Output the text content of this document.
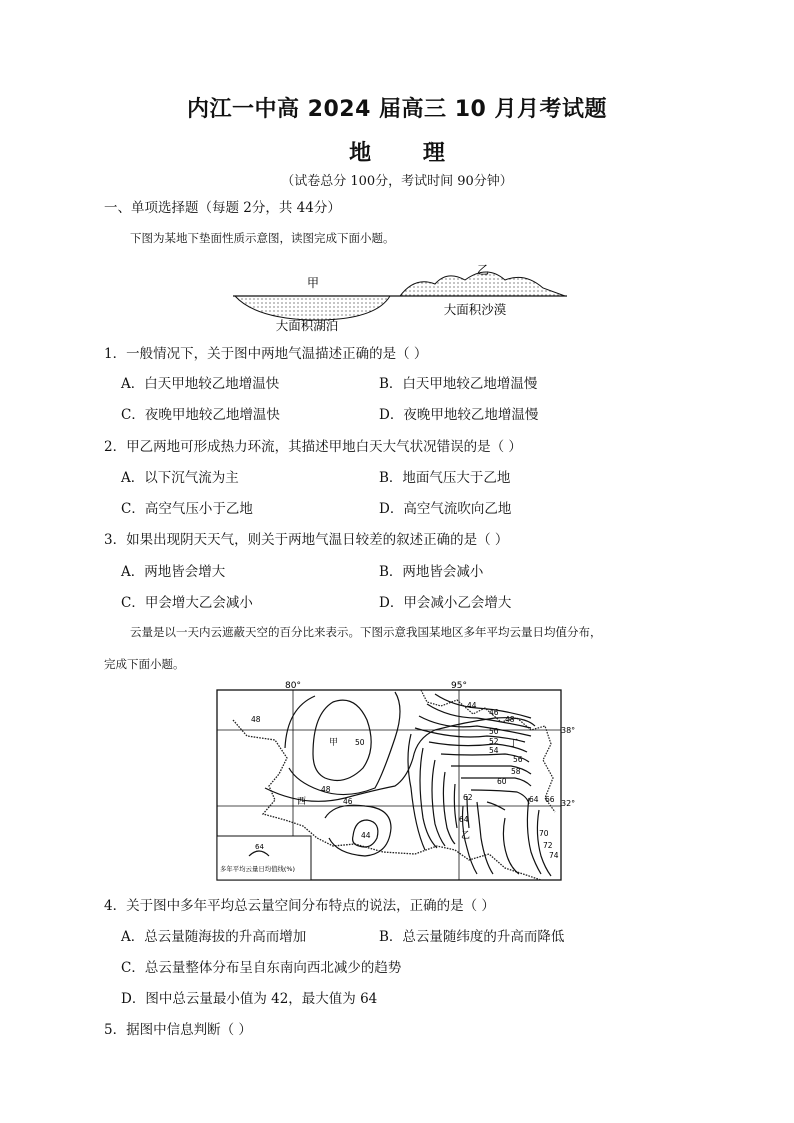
内江一中高 2024 届高三 10 月月考试题
地 理
（试卷总分 100分，考试时间 90分钟）
一、单项选择题（每题 2分，共 44分）
下图为某地下垫面性质示意图，读图完成下面小题。
甲
乙
大面积湖泊
大面积沙漠
1．一般情况下，关于图中两地气温描述正确的是（ ）
A．白天甲地较乙地增温快	B．白天甲地较乙地增温慢
C．夜晚甲地较乙地增温快	D．夜晚甲地较乙地增温慢
2．甲乙两地可形成热力环流，其描述甲地白天大气状况错误的是（ ）
A．以下沉气流为主	B．地面气压大于乙地
C．高空气压小于乙地	D．高空气流吹向乙地
3．如果出现阴天天气，则关于两地气温日较差的叙述正确的是（ ）
A．两地皆会增大	B．两地皆会减小
C．甲会增大乙会减小	D．甲会减小乙会增大
云量是以一天内云遮蔽天空的百分比来表示。下图示意我国某地区多年平均云量日均值分布，
完成下面小题。
80°	95°
38°
32°
48
50
48
46
44
44
46
48
50
52
54
56
58
60
62
64
64 66
70
72
74
甲
西
乙
丁
64
多年平均云量日均值线(%)
4．关于图中多年平均总云量空间分布特点的说法，正确的是（ ）
A．总云量随海拔的升高而增加	B．总云量随纬度的升高而降低
C．总云量整体分布呈自东南向西北减少的趋势
D．图中总云量最小值为 42，最大值为 64
5．据图中信息判断（ ）
